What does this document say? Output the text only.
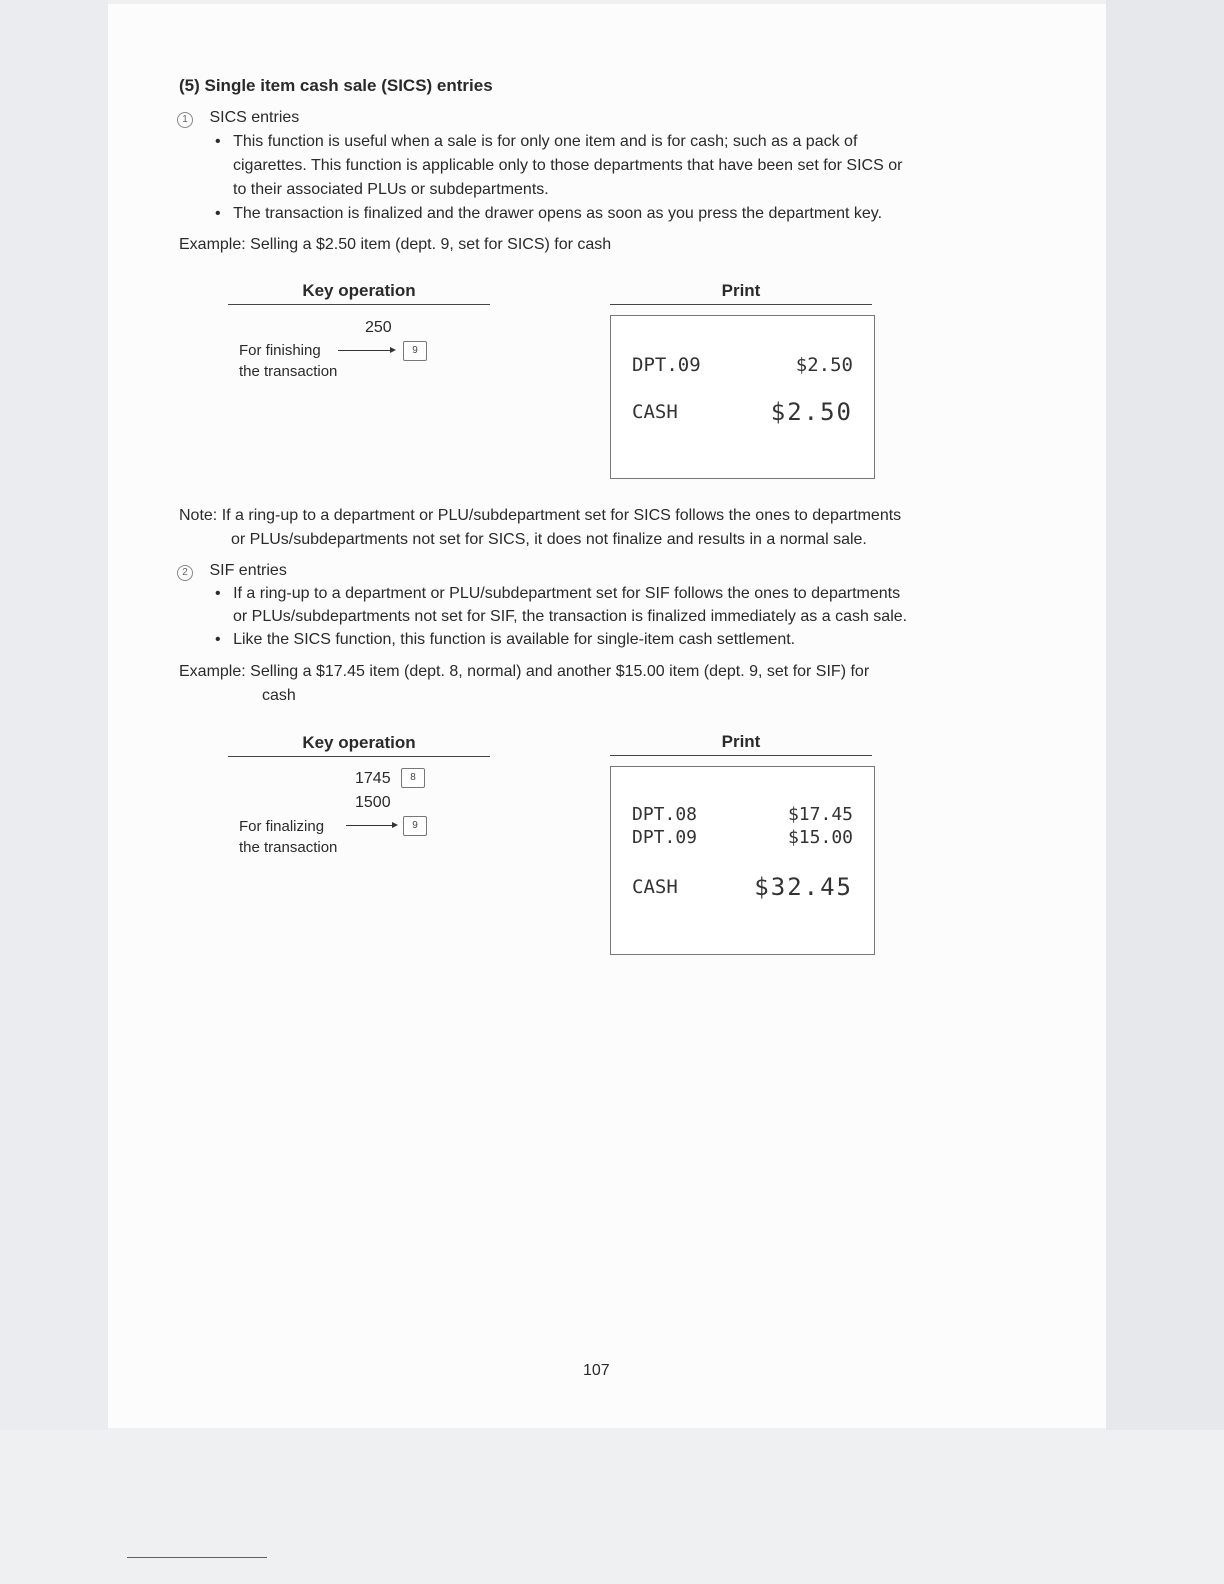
(5) Single item cash sale (SICS) entries
1 SICS entries
• This function is useful when a sale is for only one item and is for cash; such as a pack of
cigarettes. This function is applicable only to those departments that have been set for SICS or
to their associated PLUs or subdepartments.
• The transaction is finalized and the drawer opens as soon as you press the department key.
Example: Selling a $2.50 item (dept. 9, set for SICS) for cash
Key operation	Print
250
For finishing
the transaction
9
DPT.09	$2.50
CASH	$2.50
Note: If a ring-up to a department or PLU/subdepartment set for SICS follows the ones to departments
or PLUs/subdepartments not set for SICS, it does not finalize and results in a normal sale.
2 SIF entries
• If a ring-up to a department or PLU/subdepartment set for SIF follows the ones to departments
or PLUs/subdepartments not set for SIF, the transaction is finalized immediately as a cash sale.
• Like the SICS function, this function is available for single-item cash settlement.
Example: Selling a $17.45 item (dept. 8, normal) and another $15.00 item (dept. 9, set for SIF) for
cash
Key operation	Print
1745	8
1500
For finalizing
the transaction
9
DPT.08	$17.45
DPT.09	$15.00
CASH	$32.45
107
